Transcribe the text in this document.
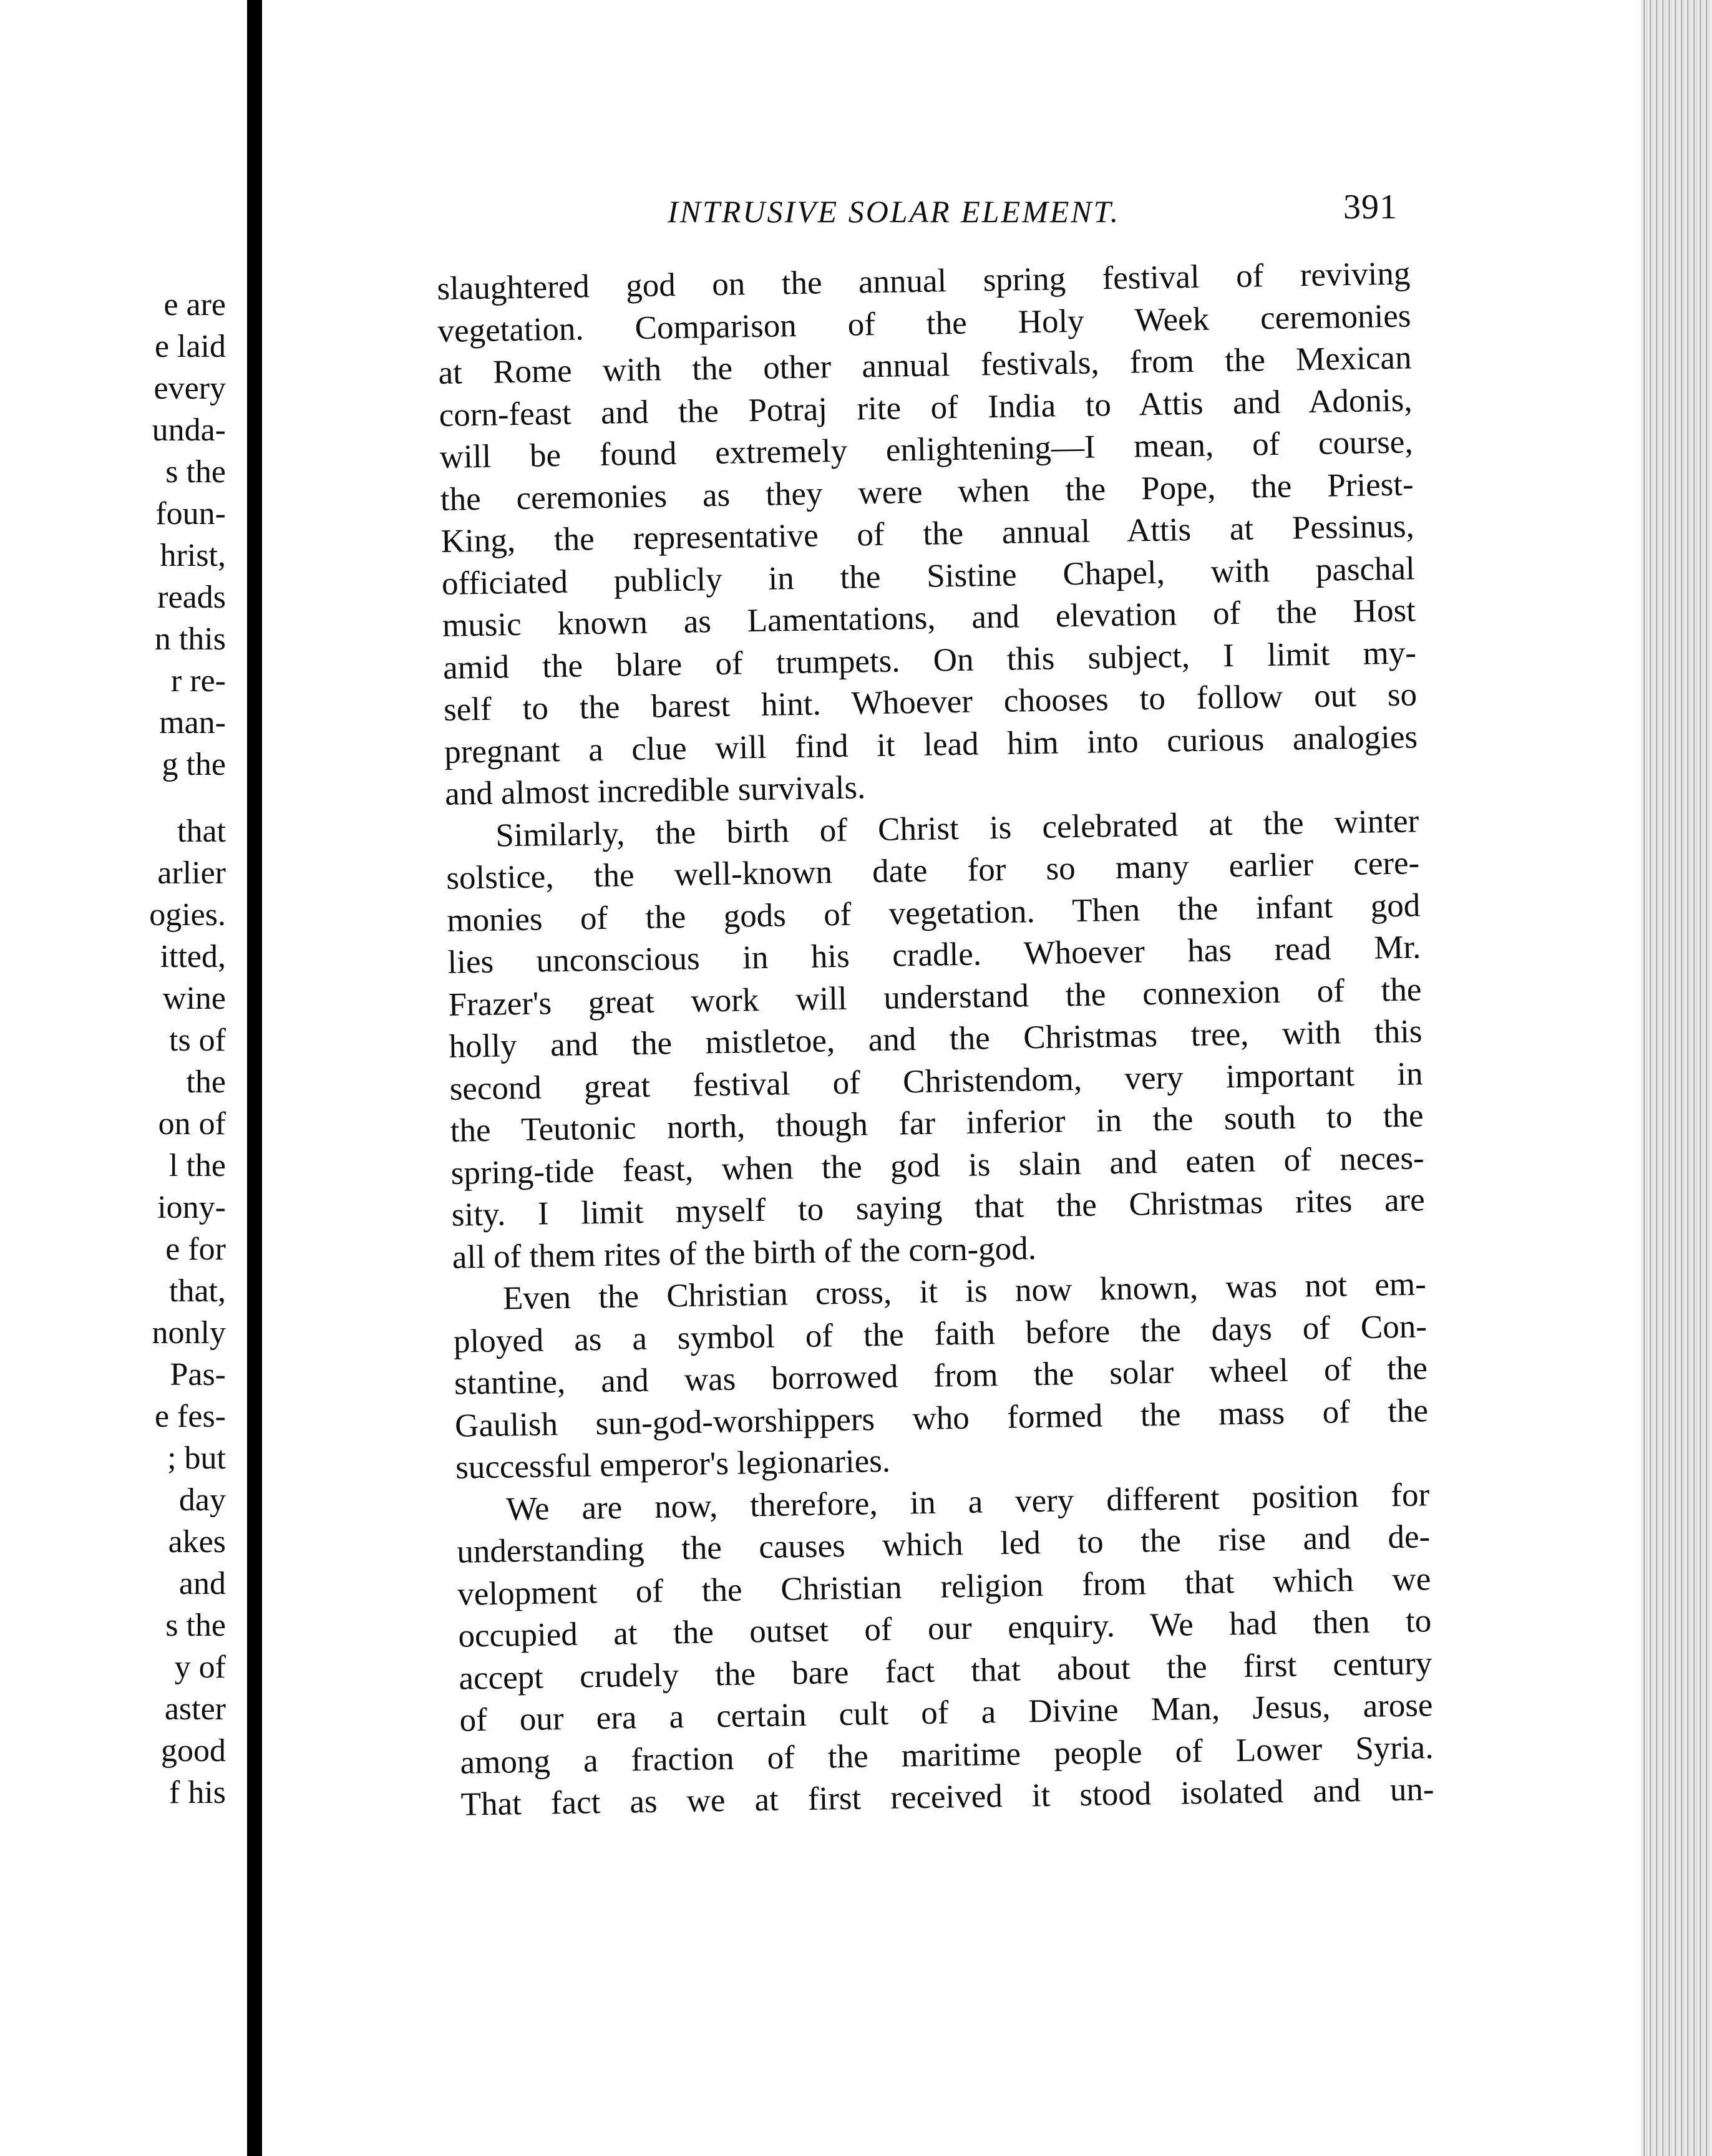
e are
e laid
every
unda-
s the
foun-
hrist,
reads
n this
r re-
man-
g the
that
arlier
ogies.
itted,
wine
ts of
the
on of
l the
iony-
e for
that,
nonly
Pas-
e fes-
; but
day
akes
and
s the
y of
aster
good
f his
INTRUSIVE SOLAR ELEMENT.	391
slaughtered god on the annual spring festival of reviving
vegetation. Comparison of the Holy Week ceremonies
at Rome with the other annual festivals, from the Mexican
corn-feast and the Potraj rite of India to Attis and Adonis,
will be found extremely enlightening—I mean, of course,
the ceremonies as they were when the Pope, the Priest-
King, the representative of the annual Attis at Pessinus,
officiated publicly in the Sistine Chapel, with paschal
music known as Lamentations, and elevation of the Host
amid the blare of trumpets. On this subject, I limit my-
self to the barest hint. Whoever chooses to follow out so
pregnant a clue will find it lead him into curious analogies
and almost incredible survivals.
Similarly, the birth of Christ is celebrated at the winter
solstice, the well-known date for so many earlier cere-
monies of the gods of vegetation. Then the infant god
lies unconscious in his cradle. Whoever has read Mr.
Frazer's great work will understand the connexion of the
holly and the mistletoe, and the Christmas tree, with this
second great festival of Christendom, very important in
the Teutonic north, though far inferior in the south to the
spring-tide feast, when the god is slain and eaten of neces-
sity. I limit myself to saying that the Christmas rites are
all of them rites of the birth of the corn-god.
Even the Christian cross, it is now known, was not em-
ployed as a symbol of the faith before the days of Con-
stantine, and was borrowed from the solar wheel of the
Gaulish sun-god-worshippers who formed the mass of the
successful emperor's legionaries.
We are now, therefore, in a very different position for
understanding the causes which led to the rise and de-
velopment of the Christian religion from that which we
occupied at the outset of our enquiry. We had then to
accept crudely the bare fact that about the first century
of our era a certain cult of a Divine Man, Jesus, arose
among a fraction of the maritime people of Lower Syria.
That fact as we at first received it stood isolated and un-
